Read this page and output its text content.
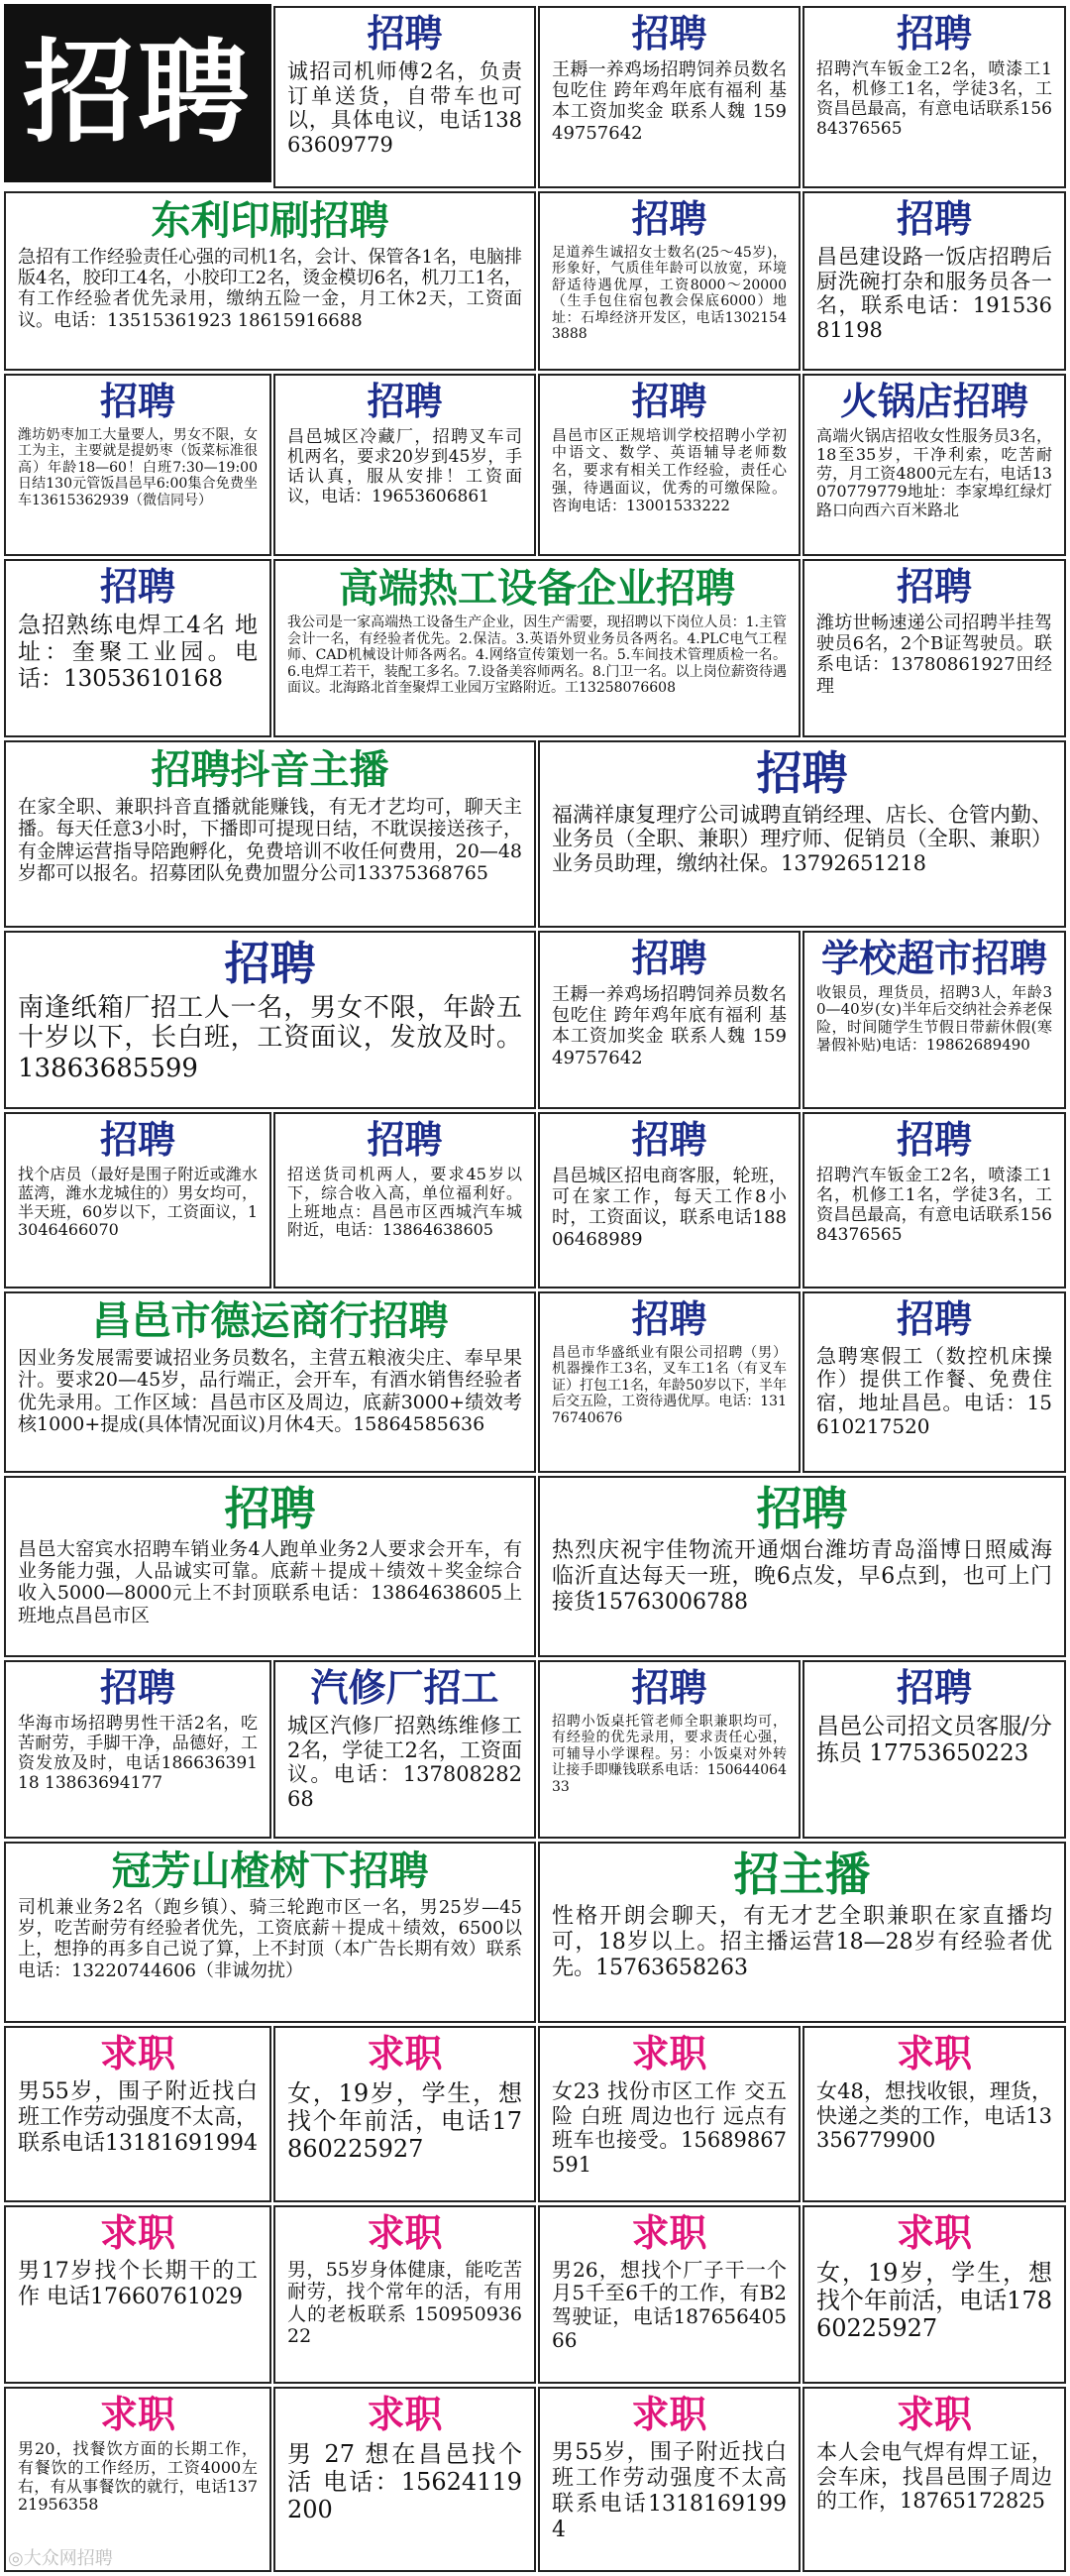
招聘	招聘
诚招司机师傅2名，负责订单送货，自带车也可以，具体电议，电话13863609779
招聘
王耨一养鸡场招聘饲养员数名 包吃住 跨年鸡年底有福利 基本工资加奖金 联系人魏 15949757642
招聘
招聘汽车钣金工2名，喷漆工1名，机修工1名，学徒3名，工资昌邑最高，有意电话联系15684376565
东利印刷招聘
急招有工作经验责任心强的司机1名，会计、保管各1名，电脑排版4名，胶印工4名，小胶印工2名，烫金模切6名，机刀工1名，有工作经验者优先录用，缴纳五险一金，月工休2天，工资面议。电话：13515361923 18615916688
招聘
足道养生诚招女士数名(25～45岁)，形象好，气质佳年龄可以放宽，环境舒适待遇优厚，工资8000～20000（生手包住宿包教会保底6000）地址：石埠经济开发区，电话13021543888
招聘
昌邑建设路一饭店招聘后厨洗碗打杂和服务员各一名，联系电话：19153681198
招聘
潍坊奶枣加工大量要人，男女不限，女工为主，主要就是提奶枣（饭菜标准很高）年龄18—60！白班7:30—19:00日结130元管饭昌邑早6:00集合免费坐车13615362939（微信同号）
招聘
昌邑城区冷藏厂，招聘叉车司机两名，要求20岁到45岁，手话认真，服从安排！工资面议，电话：19653606861
招聘
昌邑市区正规培训学校招聘小学初中语文、数学、英语辅导老师数名，要求有相关工作经验，责任心强，待遇面议，优秀的可缴保险。咨询电话：13001533222
火锅店招聘
高端火锅店招收女性服务员3名，18至35岁，干净利索，吃苦耐劳，月工资4800元左右，电话13070779779地址：李家埠红绿灯路口向西六百米路北
招聘
急招熟练电焊工4名 地址：奎聚工业园。电话：13053610168
高端热工设备企业招聘
我公司是一家高端热工设备生产企业，因生产需要，现招聘以下岗位人员：1.主管会计一名，有经验者优先。2.保洁。3.英语外贸业务员各两名。4.PLC电气工程师、CAD机械设计师各两名。4.网络宣传策划一名。5.车间技术管理质检一名。6.电焊工若干，装配工多名。7.设备美容师两名。8.门卫一名。以上岗位薪资待遇面议。北海路北首奎聚焊工业园万宝路附近。工13258076608
招聘
潍坊世畅速递公司招聘半挂驾驶员6名，2个B证驾驶员。联系电话：13780861927田经理
招聘抖音主播
在家全职、兼职抖音直播就能赚钱，有无才艺均可，聊天主播。每天任意3小时，下播即可提现日结，不耽误接送孩子，有金牌运营指导陪跑孵化，免费培训不收任何费用，20—48岁都可以报名。招募团队免费加盟分公司13375368765
招聘
福满祥康复理疗公司诚聘直销经理、店长、仓管内勤、业务员（全职、兼职）理疗师、促销员（全职、兼职）业务员助理，缴纳社保。13792651218
招聘
南逢纸箱厂招工人一名，男女不限，年龄五十岁以下，长白班，工资面议，发放及时。13863685599
招聘
王耨一养鸡场招聘饲养员数名 包吃住 跨年鸡年底有福利 基本工资加奖金 联系人魏 15949757642
学校超市招聘
收银员，理货员，招聘3人，年龄30—40岁(女)半年后交纳社会养老保险，时间随学生节假日带薪休假(寒暑假补贴)电话：19862689490
招聘
找个店员（最好是围子附近或潍水蓝湾，潍水龙城住的）男女均可，半天班，60岁以下，工资面议，13046466070
招聘
招送货司机两人，要求45岁以下，综合收入高，单位福利好。上班地点：昌邑市区西城汽车城附近，电话：13864638605
招聘
昌邑城区招电商客服，轮班，可在家工作，每天工作8小时，工资面议，联系电话18806468989
招聘
招聘汽车钣金工2名，喷漆工1名，机修工1名，学徒3名，工资昌邑最高，有意电话联系15684376565
昌邑市德运商行招聘
因业务发展需要诚招业务员数名，主营五粮液尖庄、奉早果汁。要求20—45岁，品行端正，会开车，有酒水销售经验者优先录用。工作区域：昌邑市区及周边，底薪3000+绩效考核1000+提成(具体情况面议)月休4天。15864585636
招聘
昌邑市华盛纸业有限公司招聘（男）机器操作工3名，叉车工1名（有叉车证）打包工1名，年龄50岁以下，半年后交五险，工资待遇优厚。电话：13176740676
招聘
急聘寒假工（数控机床操作）提供工作餐、免费住宿，地址昌邑。电话：15610217520
招聘
昌邑大窑宾水招聘车销业务4人跑单业务2人要求会开车，有业务能力强，人品诚实可靠。底薪＋提成＋绩效＋奖金综合收入5000—8000元上不封顶联系电话：13864638605上班地点昌邑市区
招聘
热烈庆祝宇佳物流开通烟台潍坊青岛淄博日照威海临沂直达每天一班，晚6点发，早6点到，也可上门接货15763006788
招聘
华海市场招聘男性干活2名，吃苦耐劳，手脚干净，品德好，工资发放及时，电话18663639118 13863694177
汽修厂招工
城区汽修厂招熟练维修工2名，学徒工2名，工资面议。电话：13780828268
招聘
招聘小饭桌托管老师全职兼职均可，有经验的优先录用，要求责任心强，可辅导小学课程。另：小饭桌对外转让接手即赚钱联系电话：15064406433
招聘
昌邑公司招文员客服/分拣员 17753650223
冠芳山楂树下招聘
司机兼业务2名（跑乡镇）、骑三轮跑市区一名，男25岁—45岁，吃苦耐劳有经验者优先，工资底薪＋提成＋绩效，6500以上，想挣的再多自己说了算，上不封顶（本广告长期有效）联系电话：13220744606（非诚勿扰）
招主播
性格开朗会聊天，有无才艺全职兼职在家直播均可，18岁以上。招主播运营18—28岁有经验者优先。15763658263
求职
男55岁，围子附近找白班工作劳动强度不太高，联系电话13181691994
求职
女，19岁，学生，想找个年前活，电话17860225927
求职
女23 找份市区工作 交五险 白班 周边也行 远点有班车也接受。15689867591
求职
女48，想找收银，理货，快递之类的工作，电话13356779900
求职
男17岁找个长期干的工作 电话17660761029
求职
男，55岁身体健康，能吃苦耐劳，找个常年的活，有用人的老板联系 15095093622
求职
男26，想找个厂子干一个月5千至6千的工作，有B2驾驶证，电话18765640566
求职
女，19岁，学生，想找个年前活，电话17860225927
求职
男20，找餐饮方面的长期工作，有餐饮的工作经历，工资4000左右，有从事餐饮的就行，电话13721956358
求职
男 27 想在昌邑找个活 电话：15624119200
求职
男55岁，围子附近找白班工作劳动强度不太高联系电话13181691994
求职
本人会电气焊有焊工证，会车床，找昌邑围子周边的工作，18765172825
◎大众网招聘
